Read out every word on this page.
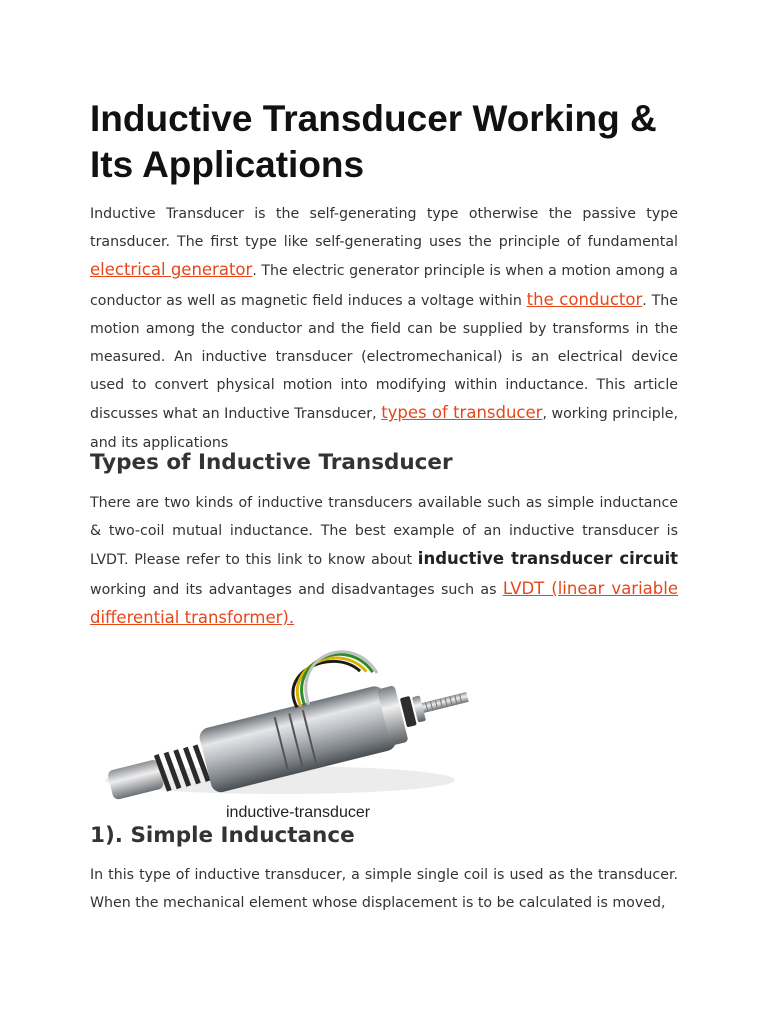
Inductive Transducer Working & Its Applications

Inductive Transducer is the self-generating type otherwise the passive type transducer. The first type like self-generating uses the principle of fundamental electrical generator. The electric generator principle is when a motion among a conductor as well as magnetic field induces a voltage within the conductor. The motion among the conductor and the field can be supplied by transforms in the measured. An inductive transducer (electromechanical) is an electrical device used to convert physical motion into modifying within inductance. This article discusses what an Inductive Transducer, types of transducer, working principle, and its applications

Types of Inductive Transducer

There are two kinds of inductive transducers available such as simple inductance & two-coil mutual inductance. The best example of an inductive transducer is LVDT. Please refer to this link to know about inductive transducer circuit working and its advantages and disadvantages such as LVDT (linear variable differential transformer).

inductive-transducer
1). Simple Inductance

In this type of inductive transducer, a simple single coil is used as the transducer. When the mechanical element whose displacement is to be calculated is moved,
